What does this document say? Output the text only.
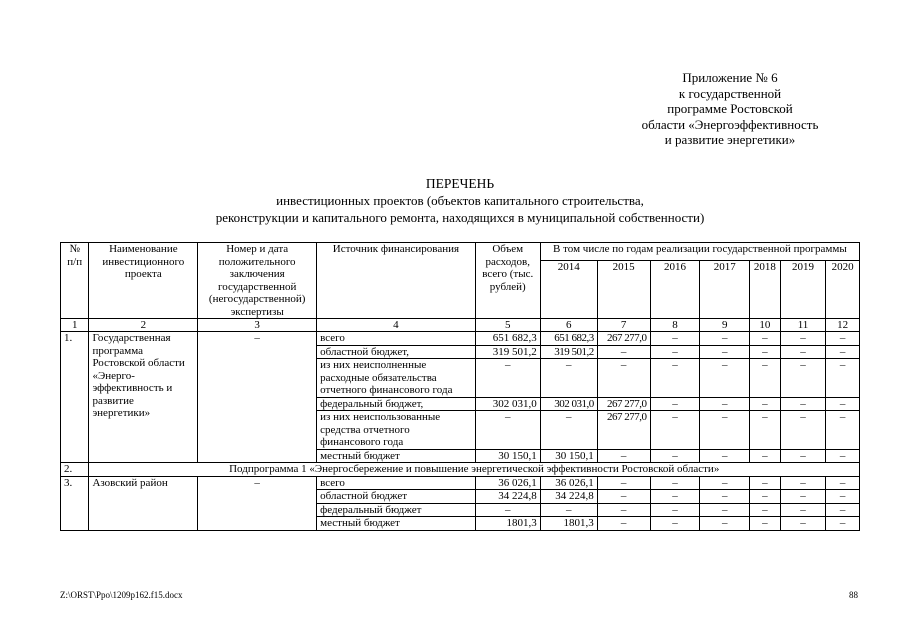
Приложение № 6
к государственной
программе Ростовской
области «Энергоэффективность
и развитие энергетики»
ПЕРЕЧЕНЬ
инвестиционных проектов (объектов капитального строительства,
реконструкции и капитального ремонта, находящихся в муниципальной собственности)
№ п/п	Наименование инвестиционного проекта	Номер и дата положительного заключения государственной (негосударственной) экспертизы	Источник финансирования	Объем расходов, всего (тыс. рублей)	В том числе по годам реализации государственной программы						
					2014	2015	2016	2017	2018	2019	2020
1	2	3	4	5	6	7	8	9	10	11	12
1.	Государственная программа Ростовской области «Энерго-эффективность и развитие энергетики»	–	всего	651 682,3	651 682,3	267 277,0	–	–	–	–	–
			областной бюджет,	319 501,2	319 501,2	–	–	–	–	–	–
			из них неисполненные расходные обязательства отчетного финансового года	–	–	–	–	–	–	–	–
			федеральный бюджет,	302 031,0	302 031,0	267 277,0	–	–	–	–	–
			из них неиспользованные средства отчетного финансового года	–	–	267 277,0	–	–	–	–	–
			местный бюджет	30 150,1	30 150,1	–	–	–	–	–	–
2.	Подпрограмма 1 «Энергосбережение и повышение энергетической эффективности Ростовской области»										
3.	Азовский район	–	всего	36 026,1	36 026,1	–	–	–	–	–	–
			областной бюджет	34 224,8	34 224,8	–	–	–	–	–	–
			федеральный бюджет	–	–	–	–	–	–	–	–
			местный бюджет	1801,3	1801,3	–	–	–	–	–	–
Z:\ORST\Ppo\1209p162.f15.docx	88
